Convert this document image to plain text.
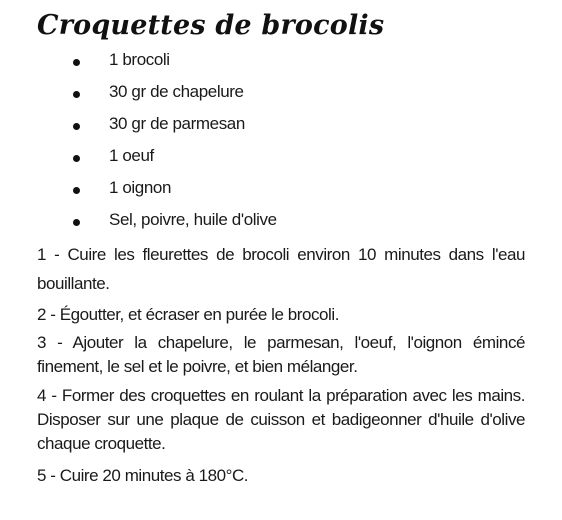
Croquettes de brocolis
1 brocoli
30 gr de chapelure
30 gr de parmesan
1 oeuf
1 oignon
Sel, poivre, huile d'olive

1 - Cuire les fleurettes de brocoli environ 10 minutes dans l'eau bouillante.

2 - Égoutter, et écraser en purée le brocoli.

3 - Ajouter la chapelure, le parmesan, l'oeuf, l'oignon émincé finement, le sel et le poivre, et bien mélanger.

4 - Former des croquettes en roulant la préparation avec les mains. Disposer sur une plaque de cuisson et badigeonner d'huile d'olive chaque croquette.

5 - Cuire 20 minutes à 180°C.
